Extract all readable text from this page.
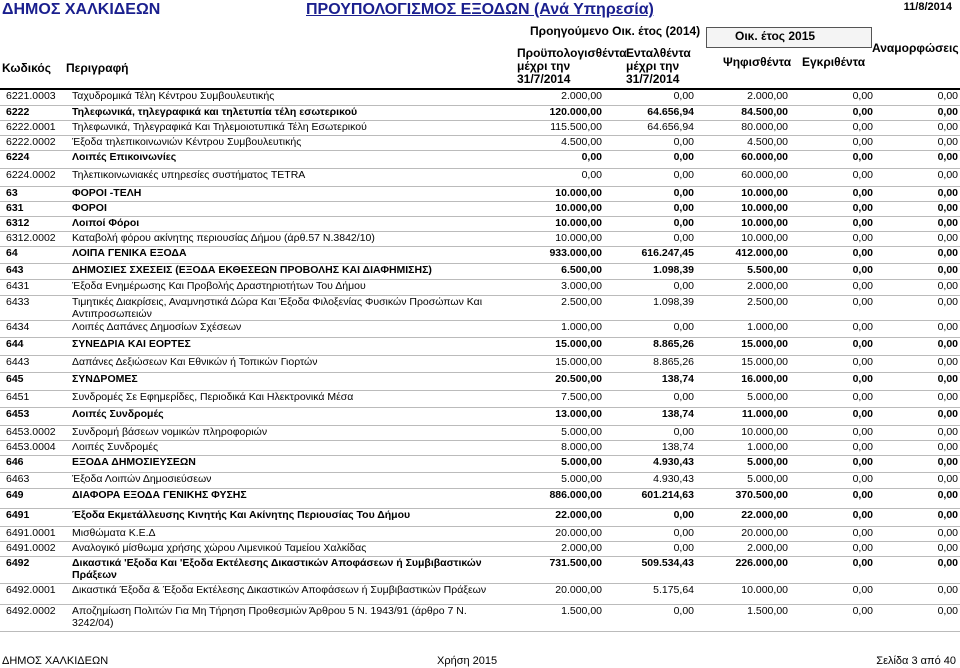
ΔΗΜΟΣ ΧΑΛΚΙΔΕΩΝ	ΠΡΟΥΠΟΛΟΓΙΣΜΟΣ ΕΞΟΔΩΝ (Ανά Υπηρεσία)	11/8/2014
Προηγούμενο Οικ. έτος (2014)	Οικ. έτος 2015
Κωδικός Περιγραφή
Προϋπολογισθέντα μέχρι την 31/7/2014
Ενταλθέντα μέχρι την 31/7/2014
Ψηφισθέντα Εγκριθέντα
Αναμορφώσεις
6221.0003	Ταχυδρομικά Τέλη Κέντρου Συμβουλευτικής	2.000,00	0,00	2.000,00	0,00	0,00
6222	Τηλεφωνικά, τηλεγραφικά και τηλετυπία τέλη εσωτερικού	120.000,00	64.656,94	84.500,00	0,00	0,00
6222.0001	Τηλεφωνικά, Τηλεγραφικά Και Τηλεμοιοτυπικά Τέλη Εσωτερικού	115.500,00	64.656,94	80.000,00	0,00	0,00
6222.0002	Έξοδα τηλεπικοινωνιών Κέντρου Συμβουλευτικής	4.500,00	0,00	4.500,00	0,00	0,00
6224	Λοιπές Επικοινωνίες	0,00	0,00	60.000,00	0,00	0,00
6224.0002	Τηλεπικοινωνιακές υπηρεσίες συστήματος TETRA	0,00	0,00	60.000,00	0,00	0,00
63	ΦΟΡΟΙ -ΤΕΛΗ	10.000,00	0,00	10.000,00	0,00	0,00
631	ΦΟΡΟΙ	10.000,00	0,00	10.000,00	0,00	0,00
6312	Λοιποί Φόροι	10.000,00	0,00	10.000,00	0,00	0,00
6312.0002	Καταβολή φόρου ακίνητης περιουσίας Δήμου (άρθ.57 Ν.3842/10)	10.000,00	0,00	10.000,00	0,00	0,00
64	ΛΟΙΠΑ ΓΕΝΙΚΑ ΕΞΟΔΑ	933.000,00	616.247,45	412.000,00	0,00	0,00
643	ΔΗΜΟΣΙΕΣ ΣΧΕΣΕΙΣ (ΕΞΟΔΑ ΕΚΘΕΣΕΩΝ ΠΡΟΒΟΛΗΣ ΚΑΙ ΔΙΑΦΗΜΙΣΗΣ)	6.500,00	1.098,39	5.500,00	0,00	0,00
6431	Έξοδα Ενημέρωσης Και Προβολής Δραστηριοτήτων Του Δήμου	3.000,00	0,00	2.000,00	0,00	0,00
6433	Τιμητικές Διακρίσεις, Αναμνηστικά Δώρα Και Έξοδα Φιλοξενίας Φυσικών Προσώπων Και Αντιπροσωπειών	2.500,00	1.098,39	2.500,00	0,00	0,00
6434	Λοιπές Δαπάνες Δημοσίων Σχέσεων	1.000,00	0,00	1.000,00	0,00	0,00
644	ΣΥΝΕΔΡΙΑ ΚΑΙ ΕΟΡΤΕΣ	15.000,00	8.865,26	15.000,00	0,00	0,00
6443	Δαπάνες Δεξιώσεων Και Εθνικών ή Τοπικών Γιορτών	15.000,00	8.865,26	15.000,00	0,00	0,00
645	ΣΥΝΔΡΟΜΕΣ	20.500,00	138,74	16.000,00	0,00	0,00
6451	Συνδρομές Σε Εφημερίδες, Περιοδικά Και Ηλεκτρονικά Μέσα	7.500,00	0,00	5.000,00	0,00	0,00
6453	Λοιπές Συνδρομές	13.000,00	138,74	11.000,00	0,00	0,00
6453.0002	Συνδρομή βάσεων νομικών πληροφοριών	5.000,00	0,00	10.000,00	0,00	0,00
6453.0004	Λοιπές Συνδρομές	8.000,00	138,74	1.000,00	0,00	0,00
646	ΕΞΟΔΑ ΔΗΜΟΣΙΕΥΣΕΩΝ	5.000,00	4.930,43	5.000,00	0,00	0,00
6463	Έξοδα Λοιπών Δημοσιεύσεων	5.000,00	4.930,43	5.000,00	0,00	0,00
649	ΔΙΑΦΟΡΑ ΕΞΟΔΑ ΓΕΝΙΚΗΣ ΦΥΣΗΣ	886.000,00	601.214,63	370.500,00	0,00	0,00
6491	Έξοδα Εκμετάλλευσης Κινητής Και Ακίνητης Περιουσίας Του Δήμου	22.000,00	0,00	22.000,00	0,00	0,00
6491.0001	Μισθώματα Κ.Ε.Δ	20.000,00	0,00	20.000,00	0,00	0,00
6491.0002	Αναλογικό μίσθωμα χρήσης χώρου Λιμενικού Ταμείου Χαλκίδας	2.000,00	0,00	2.000,00	0,00	0,00
6492	Δικαστικά 'Εξοδα Και 'Εξοδα Εκτέλεσης Δικαστικών Αποφάσεων ή Συμβιβαστικών Πράξεων	731.500,00	509.534,43	226.000,00	0,00	0,00
6492.0001	Δικαστικά Έξοδα & Έξοδα Εκτέλεσης Δικαστικών Αποφάσεων ή Συμβιβαστικών Πράξεων	20.000,00	5.175,64	10.000,00	0,00	0,00
6492.0002	Αποζημίωση Πολιτών Για Μη Τήρηση Προθεσμιών Άρθρου 5 Ν. 1943/91 (άρθρο 7 Ν. 3242/04)	1.500,00	0,00	1.500,00	0,00	0,00
ΔΗΜΟΣ ΧΑΛΚΙΔΕΩΝ	Χρήση 2015	Σελίδα 3 από 40
